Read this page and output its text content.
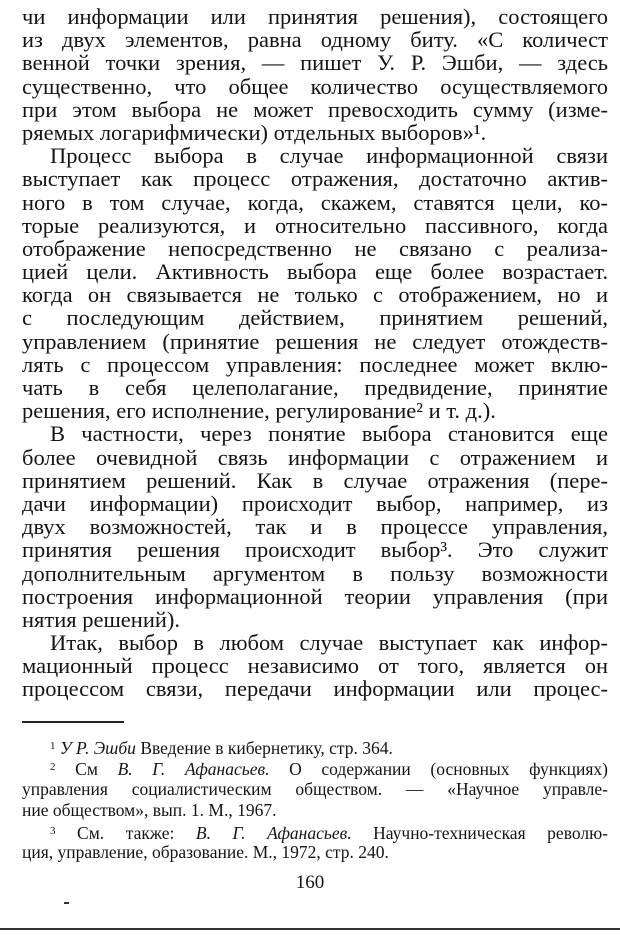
чи информации или принятия решения), состоящего
из двух элементов, равна одному биту. «С количест
венной точки зрения, — пишет У. Р. Эшби, — здесь
существенно, что общее количество осуществляемого
при этом выбора не может превосходить сумму (изме-
ряемых логарифмически) отдельных выборов»¹.
Процесс выбора в случае информационной связи
выступает как процесс отражения, достаточно актив-
ного в том случае, когда, скажем, ставятся цели, ко-
торые реализуются, и относительно пассивного, когда
отображение непосредственно не связано с реализа-
цией цели. Активность выбора еще более возрастает.
когда он связывается не только с отображением, но и
с последующим действием, принятием решений,
управлением (принятие решения не следует отождеств-
лять с процессом управления: последнее может вклю-
чать в себя целеполагание, предвидение, принятие
решения, его исполнение, регулирование² и т. д.).
В частности, через понятие выбора становится еще
более очевидной связь информации с отражением и
принятием решений. Как в случае отражения (пере-
дачи информации) происходит выбор, например, из
двух возможностей, так и в процессе управления,
принятия решения происходит выбор³. Это служит
дополнительным аргументом в пользу возможности
построения информационной теории управления (при
нятия решений).
Итак, выбор в любом случае выступает как инфор-
мационный процесс независимо от того, является он
процессом связи, передачи информации или процес-
$^1$ У Р. Эшби Введение в кибернетику, стр. 364.
$^2$ См В. Г. Афанасьев. О содержании (основных функциях)
управления социалистическим обществом. — «Научное управле-
ние обществом», вып. 1. М., 1967.
$^3$ См. также: В. Г. Афанасьев. Научно-техническая револю-
ция, управление, образование. М., 1972, стр. 240.
160
